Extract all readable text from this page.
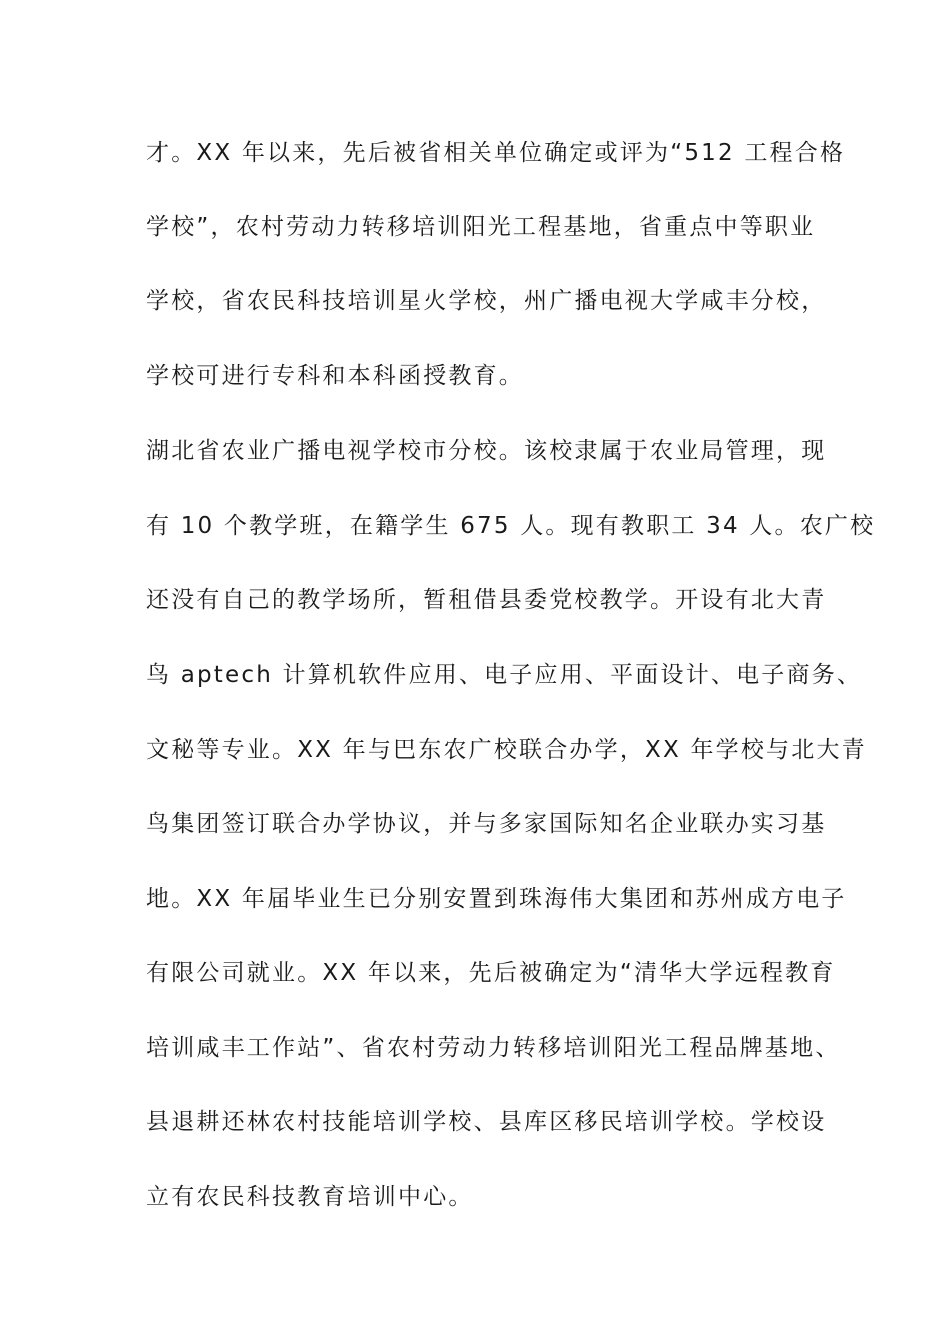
才。XX 年以来，先后被省相关单位确定或评为“512 工程合格
学校”，农村劳动力转移培训阳光工程基地，省重点中等职业
学校，省农民科技培训星火学校，州广播电视大学咸丰分校，
学校可进行专科和本科函授教育。
湖北省农业广播电视学校市分校。该校隶属于农业局管理，现
有 10 个教学班，在籍学生 675 人。现有教职工 34 人。农广校
还没有自己的教学场所，暂租借县委党校教学。开设有北大青
鸟 aptech 计算机软件应用、电子应用、平面设计、电子商务、
文秘等专业。XX 年与巴东农广校联合办学，XX 年学校与北大青
鸟集团签订联合办学协议，并与多家国际知名企业联办实习基
地。XX 年届毕业生已分别安置到珠海伟大集团和苏州成方电子
有限公司就业。XX 年以来，先后被确定为“清华大学远程教育
培训咸丰工作站”、省农村劳动力转移培训阳光工程品牌基地、
县退耕还林农村技能培训学校、县库区移民培训学校。学校设
立有农民科技教育培训中心。
